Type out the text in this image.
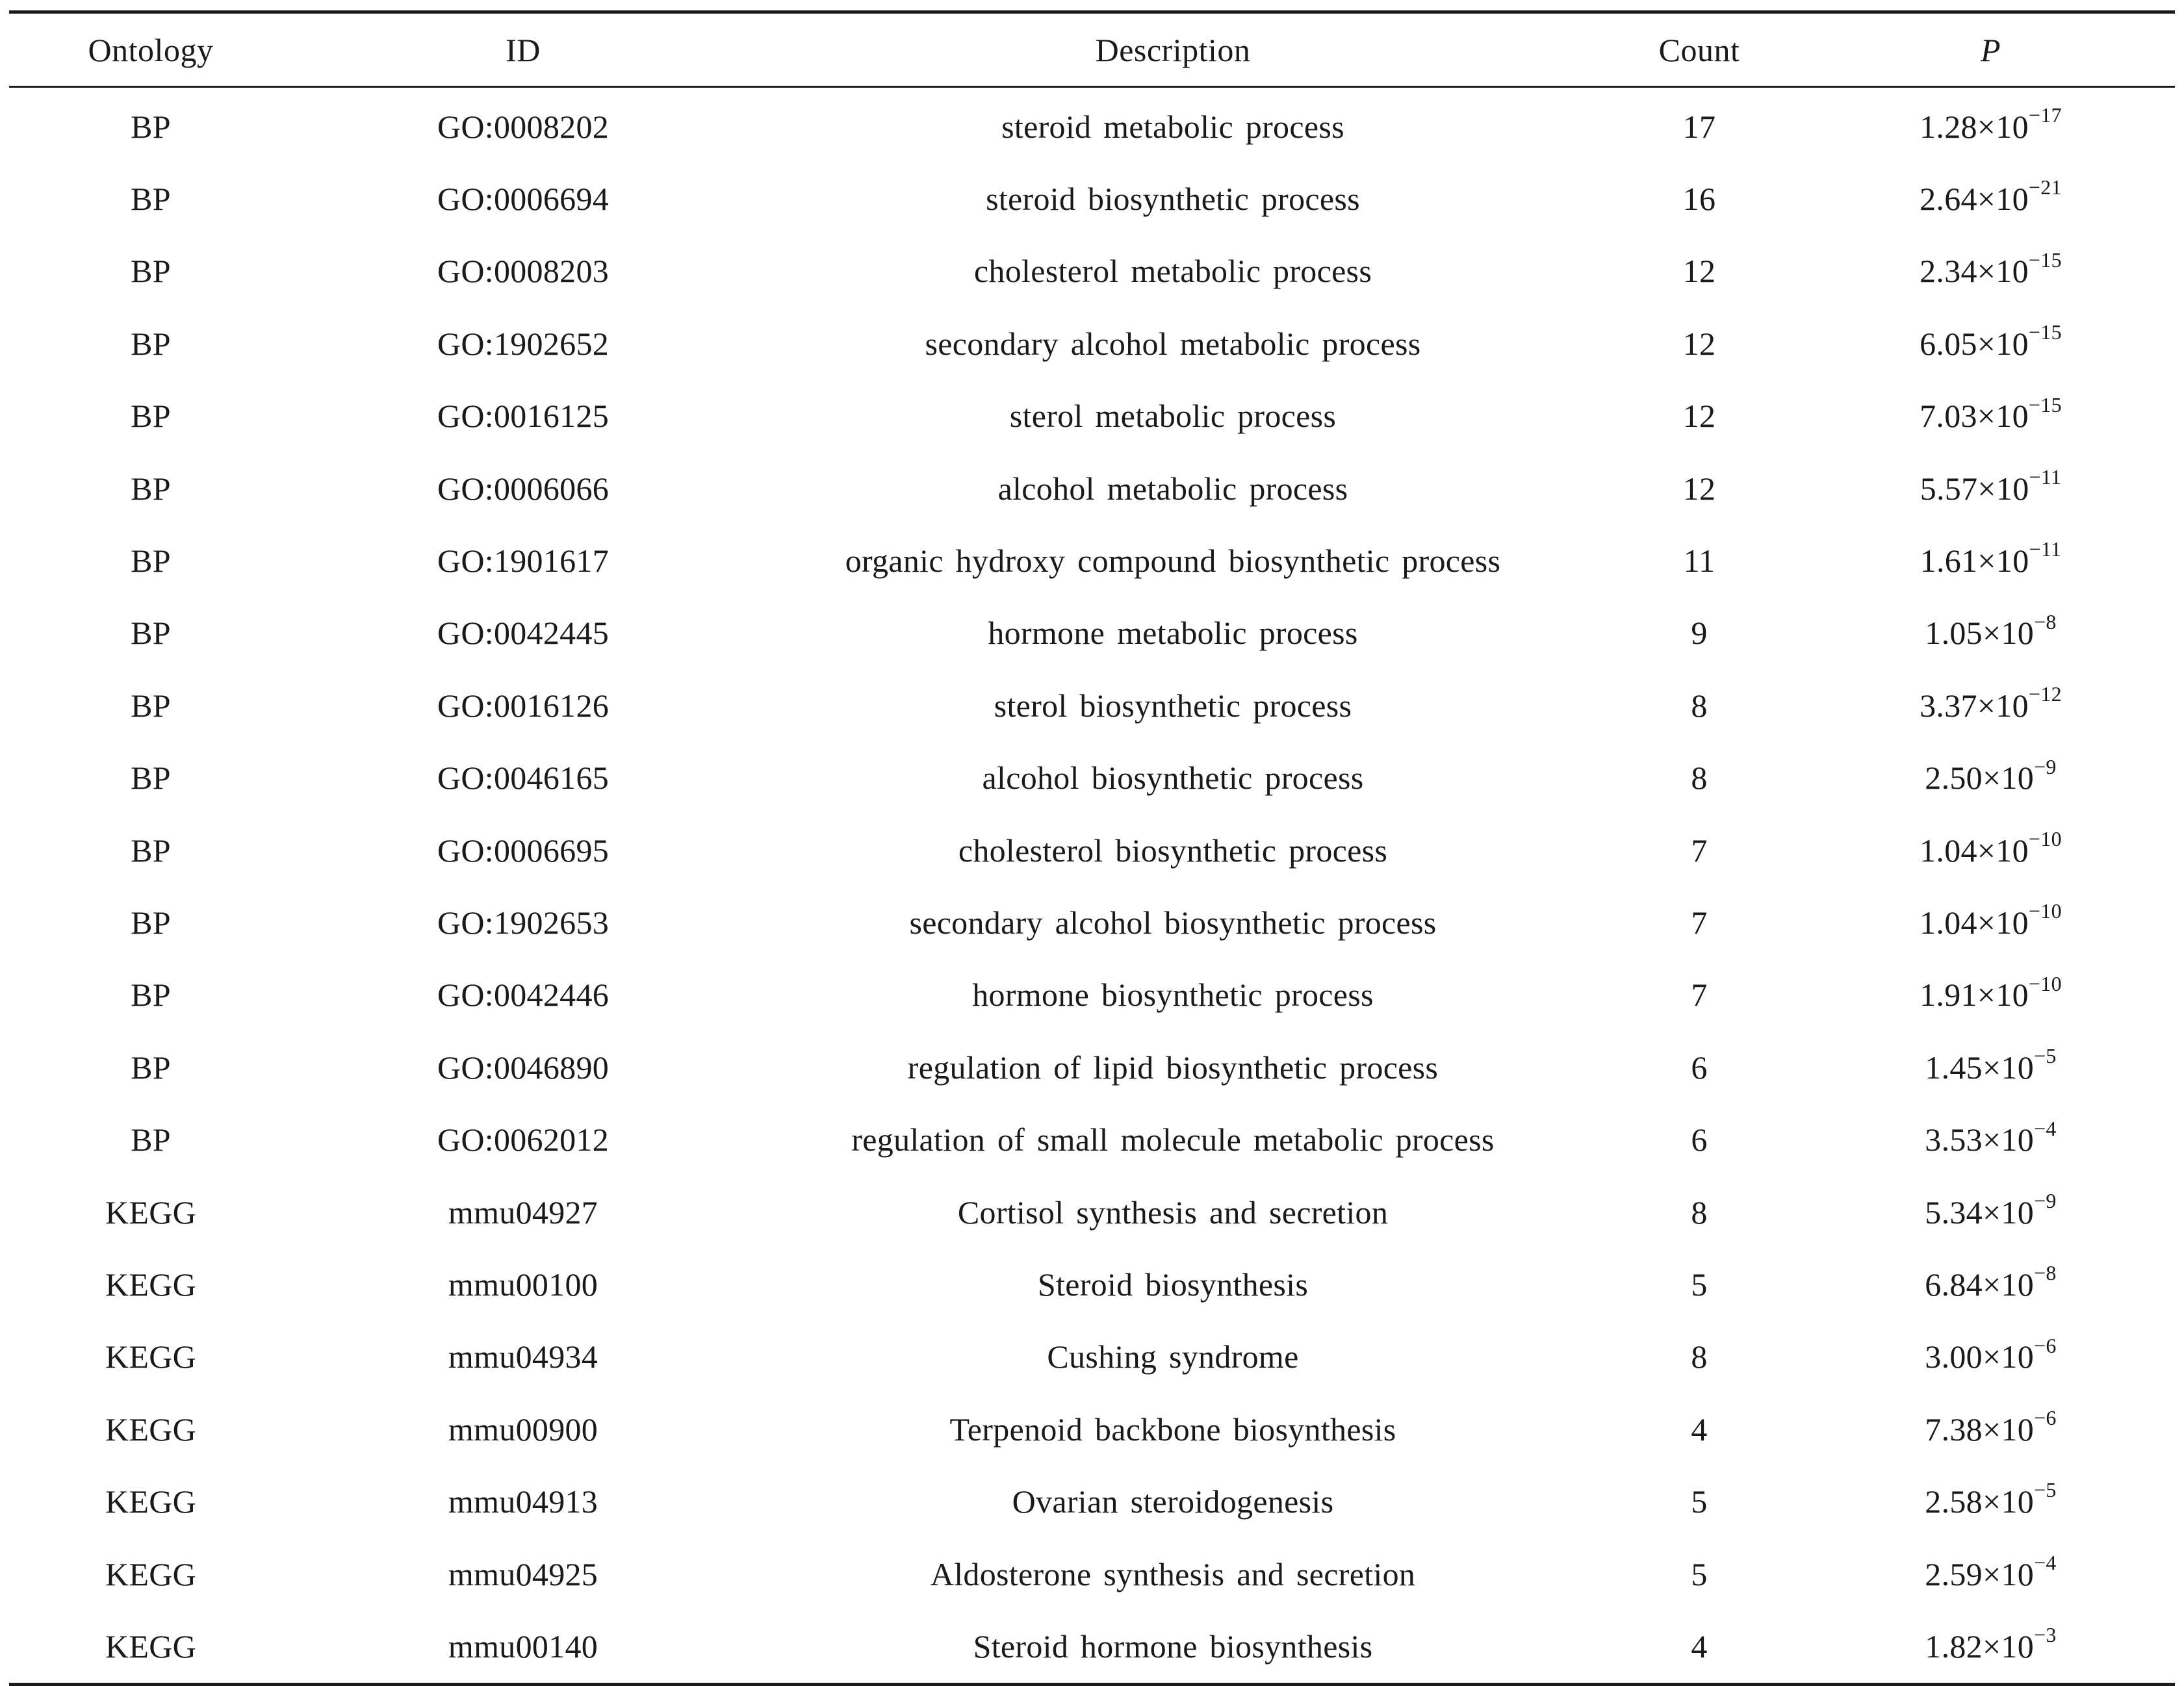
Ontology	ID	Description	Count	P
BP	GO:0008202	steroid metabolic process	17	$1.28\times 10^{-17}$
BP	GO:0006694	steroid biosynthetic process	16	$2.64\times 10^{-21}$
BP	GO:0008203	cholesterol metabolic process	12	$2.34\times 10^{-15}$
BP	GO:1902652	secondary alcohol metabolic process	12	$6.05\times 10^{-15}$
BP	GO:0016125	sterol metabolic process	12	$7.03\times 10^{-15}$
BP	GO:0006066	alcohol metabolic process	12	$5.57\times 10^{-11}$
BP	GO:1901617	organic hydroxy compound biosynthetic process	11	$1.61\times 10^{-11}$
BP	GO:0042445	hormone metabolic process	9	$1.05\times 10^{-8}$
BP	GO:0016126	sterol biosynthetic process	8	$3.37\times 10^{-12}$
BP	GO:0046165	alcohol biosynthetic process	8	$2.50\times 10^{-9}$
BP	GO:0006695	cholesterol biosynthetic process	7	$1.04\times 10^{-10}$
BP	GO:1902653	secondary alcohol biosynthetic process	7	$1.04\times 10^{-10}$
BP	GO:0042446	hormone biosynthetic process	7	$1.91\times 10^{-10}$
BP	GO:0046890	regulation of lipid biosynthetic process	6	$1.45\times 10^{-5}$
BP	GO:0062012	regulation of small molecule metabolic process	6	$3.53\times 10^{-4}$
KEGG	mmu04927	Cortisol synthesis and secretion	8	$5.34\times 10^{-9}$
KEGG	mmu00100	Steroid biosynthesis	5	$6.84\times 10^{-8}$
KEGG	mmu04934	Cushing syndrome	8	$3.00\times 10^{-6}$
KEGG	mmu00900	Terpenoid backbone biosynthesis	4	$7.38\times 10^{-6}$
KEGG	mmu04913	Ovarian steroidogenesis	5	$2.58\times 10^{-5}$
KEGG	mmu04925	Aldosterone synthesis and secretion	5	$2.59\times 10^{-4}$
KEGG	mmu00140	Steroid hormone biosynthesis	4	$1.82\times 10^{-3}$
